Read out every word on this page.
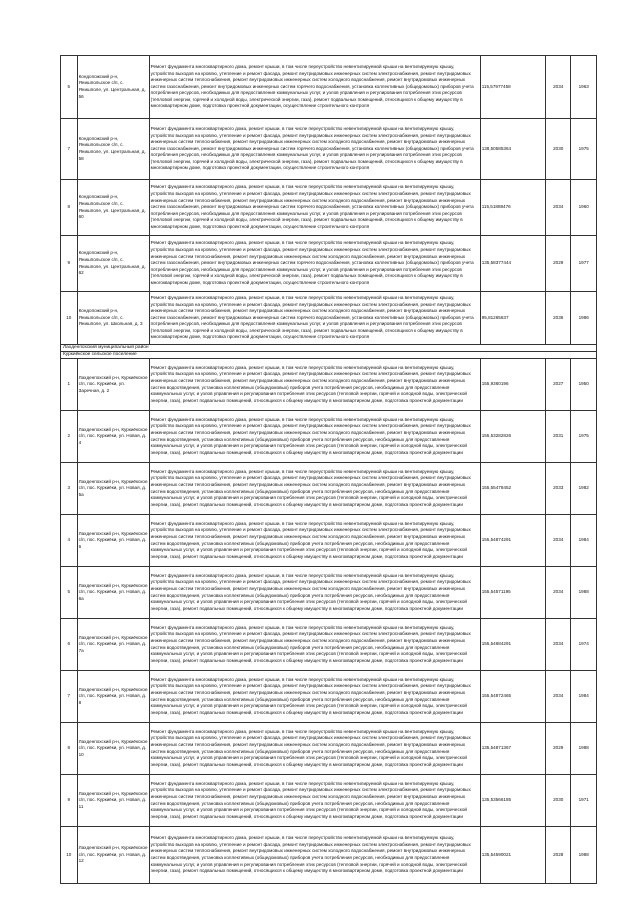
5	Кондопожский р-н, Янишпольское с/п, с. Янишполе, ул. Центральная, д. 56	Ремонт фундамента многоквартирного дома, ремонт крыши, в том числе переустройство невентилируемой крыши на вентилируемую крышу, устройство выходов на кровлю, утепление и ремонт фасада, ремонт внутридомовых инженерных систем электроснабжения, ремонт внутридомовых инженерных систем теплоснабжения, ремонт внутридомовых инженерных систем холодного водоснабжения, ремонт внутридомовых инженерных систем газоснабжения, ремонт внутридомовых инженерных систем горячего водоснабжения, установка коллективных (общедомовых) приборов учета потребления ресурсов, необходимых для предоставления коммунальных услуг, и узлов управления и регулирования потребления этих ресурсов (тепловой энергии, горячей и холодной воды, электрической энергии, газа), ремонт подвальных помещений, относящихся к общему имуществу в многоквартирном доме, подготовка проектной документации, осуществление строительного контроля	115,57977458	2034	1963
7	Кондопожский р-н, Янишпольское с/п, с. Янишполе, ул. Центральная, д. 58	Ремонт фундамента многоквартирного дома, ремонт крыши, в том числе переустройство невентилируемой крыши на вентилируемую крышу, устройство выходов на кровлю, утепление и ремонт фасада, ремонт внутридомовых инженерных систем электроснабжения, ремонт внутридомовых инженерных систем теплоснабжения, ремонт внутридомовых инженерных систем холодного водоснабжения, ремонт внутридомовых инженерных систем газоснабжения, ремонт внутридомовых инженерных систем горячего водоснабжения, установка коллективных (общедомовых) приборов учета потребления ресурсов, необходимых для предоставления коммунальных услуг, и узлов управления и регулирования потребления этих ресурсов (тепловой энергии, горячей и холодной воды, электрической энергии, газа), ремонт подвальных помещений, относящихся к общему имуществу в многоквартирном доме, подготовка проектной документации, осуществление строительного контроля	138,50585364	2030	1975
8	Кондопожский р-н, Янишпольское с/п, с. Янишполе, ул. Центральная, д. 60	Ремонт фундамента многоквартирного дома, ремонт крыши, в том числе переустройство невентилируемой крыши на вентилируемую крышу, устройство выходов на кровлю, утепление и ремонт фасада, ремонт внутридомовых инженерных систем электроснабжения, ремонт внутридомовых инженерных систем теплоснабжения, ремонт внутридомовых инженерных систем холодного водоснабжения, ремонт внутридомовых инженерных систем газоснабжения, ремонт внутридомовых инженерных систем горячего водоснабжения, установка коллективных (общедомовых) приборов учета потребления ресурсов, необходимых для предоставления коммунальных услуг, и узлов управления и регулирования потребления этих ресурсов (тепловой энергии, горячей и холодной воды, электрической энергии, газа), ремонт подвальных помещений, относящихся к общему имуществу в многоквартирном доме, подготовка проектной документации, осуществление строительного контроля	115,51888476	2034	1960
9	Кондопожский р-н, Янишпольское с/п, с. Янишполе, ул. Центральная, д. 62	Ремонт фундамента многоквартирного дома, ремонт крыши, в том числе переустройство невентилируемой крыши на вентилируемую крышу, устройство выходов на кровлю, утепление и ремонт фасада, ремонт внутридомовых инженерных систем электроснабжения, ремонт внутридомовых инженерных систем теплоснабжения, ремонт внутридомовых инженерных систем холодного водоснабжения, ремонт внутридомовых инженерных систем газоснабжения, ремонт внутридомовых инженерных систем горячего водоснабжения, установка коллективных (общедомовых) приборов учета потребления ресурсов, необходимых для предоставления коммунальных услуг, и узлов управления и регулирования потребления этих ресурсов (тепловой энергии, горячей и холодной воды, электрической энергии, газа), ремонт подвальных помещений, относящихся к общему имуществу в многоквартирном доме, подготовка проектной документации, осуществление строительного контроля	135,58377444	2029	1977
10	Кондопожский р-н, Янишпольское с/п, с. Янишполе, ул. Школьная, д. 3	Ремонт фундамента многоквартирного дома, ремонт крыши, в том числе переустройство невентилируемой крыши на вентилируемую крышу, устройство выходов на кровлю, утепление и ремонт фасада, ремонт внутридомовых инженерных систем электроснабжения, ремонт внутридомовых инженерных систем теплоснабжения, ремонт внутридомовых инженерных систем холодного водоснабжения, ремонт внутридомовых инженерных систем газоснабжения, ремонт внутридомовых инженерных систем горячего водоснабжения, установка коллективных (общедомовых) приборов учета потребления ресурсов, необходимых для предоставления коммунальных услуг, и узлов управления и регулирования потребления этих ресурсов (тепловой энергии, горячей и холодной воды, электрической энергии, газа), ремонт подвальных помещений, относящихся к общему имуществу в многоквартирном доме, подготовка проектной документации, осуществление строительного контроля	95,81265637	2036	1996
Лахденпохский муниципальный район					
Куркиёкское сельское поселение					
1	Лахденпохский р-н, Куркиёкское с/п, пос. Куркиёки, ул. Заречная, д. 2	Ремонт фундамента многоквартирного дома, ремонт крыши, в том числе переустройство невентилируемой крыши на вентилируемую крышу, устройство выходов на кровлю, утепление и ремонт фасада, ремонт внутридомовых инженерных систем электроснабжения, ремонт внутридомовых инженерных систем теплоснабжения, ремонт внутридомовых инженерных систем холодного водоснабжения, ремонт внутридомовых инженерных систем водоотведения, установка коллективных (общедомовых) приборов учета потребления ресурсов, необходимых для предоставления коммунальных услуг, и узлов управления и регулирования потребления этих ресурсов (тепловой энергии, горячей и холодной воды, электрической энергии, газа), ремонт подвальных помещений, относящихся к общему имуществу в многоквартирном доме, подготовка проектной документации	155,9360196	2027	1950
2	Лахденпохский р-н, Куркиёкское с/п, пос. Куркиёки, ул. Новая, д. 4	Ремонт фундамента многоквартирного дома, ремонт крыши, в том числе переустройство невентилируемой крыши на вентилируемую крышу, устройство выходов на кровлю, утепление и ремонт фасада, ремонт внутридомовых инженерных систем электроснабжения, ремонт внутридомовых инженерных систем теплоснабжения, ремонт внутридомовых инженерных систем холодного водоснабжения, ремонт внутридомовых инженерных систем водоотведения, установка коллективных (общедомовых) приборов учета потребления ресурсов, необходимых для предоставления коммунальных услуг, и узлов управления и регулирования потребления этих ресурсов (тепловой энергии, горячей и холодной воды, электрической энергии, газа), ремонт подвальных помещений, относящихся к общему имуществу в многоквартирном доме, подготовка проектной документации	155,53282826	2031	1975
3	Лахденпохский р-н, Куркиёкское с/п, пос. Куркиёки, ул. Новая, д. 5а	Ремонт фундамента многоквартирного дома, ремонт крыши, в том числе переустройство невентилируемой крыши на вентилируемую крышу, устройство выходов на кровлю, утепление и ремонт фасада, ремонт внутридомовых инженерных систем электроснабжения, ремонт внутридомовых инженерных систем теплоснабжения, ремонт внутридомовых инженерных систем холодного водоснабжения, ремонт внутридомовых инженерных систем водоотведения, установка коллективных (общедомовых) приборов учета потребления ресурсов, необходимых для предоставления коммунальных услуг, и узлов управления и регулирования потребления этих ресурсов (тепловой энергии, горячей и холодной воды, электрической энергии, газа), ремонт подвальных помещений, относящихся к общему имуществу в многоквартирном доме, подготовка проектной документации	155,55478452	2033	1982
4	Лахденпохский р-н, Куркиёкское с/п, пос. Куркиёки, ул. Новая, д. 6	Ремонт фундамента многоквартирного дома, ремонт крыши, в том числе переустройство невентилируемой крыши на вентилируемую крышу, устройство выходов на кровлю, утепление и ремонт фасада, ремонт внутридомовых инженерных систем электроснабжения, ремонт внутридомовых инженерных систем теплоснабжения, ремонт внутридомовых инженерных систем холодного водоснабжения, ремонт внутридомовых инженерных систем водоотведения, установка коллективных (общедомовых) приборов учета потребления ресурсов, необходимых для предоставления коммунальных услуг, и узлов управления и регулирования потребления этих ресурсов (тепловой энергии, горячей и холодной воды, электрической энергии, газа), ремонт подвальных помещений, относящихся к общему имуществу в многоквартирном доме, подготовка проектной документации	155,54874291	2034	1984
5	Лахденпохский р-н, Куркиёкское с/п, пос. Куркиёки, ул. Новая, д. 6а	Ремонт фундамента многоквартирного дома, ремонт крыши, в том числе переустройство невентилируемой крыши на вентилируемую крышу, устройство выходов на кровлю, утепление и ремонт фасада, ремонт внутридомовых инженерных систем электроснабжения, ремонт внутридомовых инженерных систем теплоснабжения, ремонт внутридомовых инженерных систем холодного водоснабжения, ремонт внутридомовых инженерных систем водоотведения, установка коллективных (общедомовых) приборов учета потребления ресурсов, необходимых для предоставления коммунальных услуг, и узлов управления и регулирования потребления этих ресурсов (тепловой энергии, горячей и холодной воды, электрической энергии, газа), ремонт подвальных помещений, относящихся к общему имуществу в многоквартирном доме, подготовка проектной документации	155,54571195	2034	1988
6	Лахденпохский р-н, Куркиёкское с/п, пос. Куркиёки, ул. Новая, д. 7а	Ремонт фундамента многоквартирного дома, ремонт крыши, в том числе переустройство невентилируемой крыши на вентилируемую крышу, устройство выходов на кровлю, утепление и ремонт фасада, ремонт внутридомовых инженерных систем электроснабжения, ремонт внутридомовых инженерных систем теплоснабжения, ремонт внутридомовых инженерных систем холодного водоснабжения, ремонт внутридомовых инженерных систем водоотведения, установка коллективных (общедомовых) приборов учета потребления ресурсов, необходимых для предоставления коммунальных услуг, и узлов управления и регулирования потребления этих ресурсов (тепловой энергии, горячей и холодной воды, электрической энергии, газа), ремонт подвальных помещений, относящихся к общему имуществу в многоквартирном доме, подготовка проектной документации	155,54684291	2034	1974
7	Лахденпохский р-н, Куркиёкское с/п, пос. Куркиёки, ул. Новая, д. 8	Ремонт фундамента многоквартирного дома, ремонт крыши, в том числе переустройство невентилируемой крыши на вентилируемую крышу, устройство выходов на кровлю, утепление и ремонт фасада, ремонт внутридомовых инженерных систем электроснабжения, ремонт внутридомовых инженерных систем теплоснабжения, ремонт внутридомовых инженерных систем холодного водоснабжения, ремонт внутридомовых инженерных систем водоотведения, установка коллективных (общедомовых) приборов учета потребления ресурсов, необходимых для предоставления коммунальных услуг, и узлов управления и регулирования потребления этих ресурсов (тепловой энергии, горячей и холодной воды, электрической энергии, газа), ремонт подвальных помещений, относящихся к общему имуществу в многоквартирном доме, подготовка проектной документации	155,54872465	2034	1984
8	Лахденпохский р-н, Куркиёкское с/п, пос. Куркиёки, ул. Новая, д. 10	Ремонт фундамента многоквартирного дома, ремонт крыши, в том числе переустройство невентилируемой крыши на вентилируемую крышу, устройство выходов на кровлю, утепление и ремонт фасада, ремонт внутридомовых инженерных систем электроснабжения, ремонт внутридомовых инженерных систем теплоснабжения, ремонт внутридомовых инженерных систем холодного водоснабжения, ремонт внутридомовых инженерных систем водоотведения, установка коллективных (общедомовых) приборов учета потребления ресурсов, необходимых для предоставления коммунальных услуг, и узлов управления и регулирования потребления этих ресурсов (тепловой энергии, горячей и холодной воды, электрической энергии, газа), ремонт подвальных помещений, относящихся к общему имуществу в многоквартирном доме, подготовка проектной документации	135,54871367	2029	1988
9	Лахденпохский р-н, Куркиёкское с/п, пос. Куркиёки, ул. Новая, д. 11	Ремонт фундамента многоквартирного дома, ремонт крыши, в том числе переустройство невентилируемой крыши на вентилируемую крышу, устройство выходов на кровлю, утепление и ремонт фасада, ремонт внутридомовых инженерных систем электроснабжения, ремонт внутридомовых инженерных систем теплоснабжения, ремонт внутридомовых инженерных систем холодного водоснабжения, ремонт внутридомовых инженерных систем водоотведения, установка коллективных (общедомовых) приборов учета потребления ресурсов, необходимых для предоставления коммунальных услуг, и узлов управления и регулирования потребления этих ресурсов (тепловой энергии, горячей и холодной воды, электрической энергии, газа), ремонт подвальных помещений, относящихся к общему имуществу в многоквартирном доме, подготовка проектной документации	135,53566185	2030	1971
10	Лахденпохский р-н, Куркиёкское с/п, пос. Куркиёки, ул. Новая, д. 12	Ремонт фундамента многоквартирного дома, ремонт крыши, в том числе переустройство невентилируемой крыши на вентилируемую крышу, устройство выходов на кровлю, утепление и ремонт фасада, ремонт внутридомовых инженерных систем электроснабжения, ремонт внутридомовых инженерных систем теплоснабжения, ремонт внутридомовых инженерных систем холодного водоснабжения, ремонт внутридомовых инженерных систем водоотведения, установка коллективных (общедомовых) приборов учета потребления ресурсов, необходимых для предоставления коммунальных услуг, и узлов управления и регулирования потребления этих ресурсов (тепловой энергии, горячей и холодной воды, электрической энергии, газа), ремонт подвальных помещений, относящихся к общему имуществу в многоквартирном доме, подготовка проектной документации	135,54590021	2028	1988
